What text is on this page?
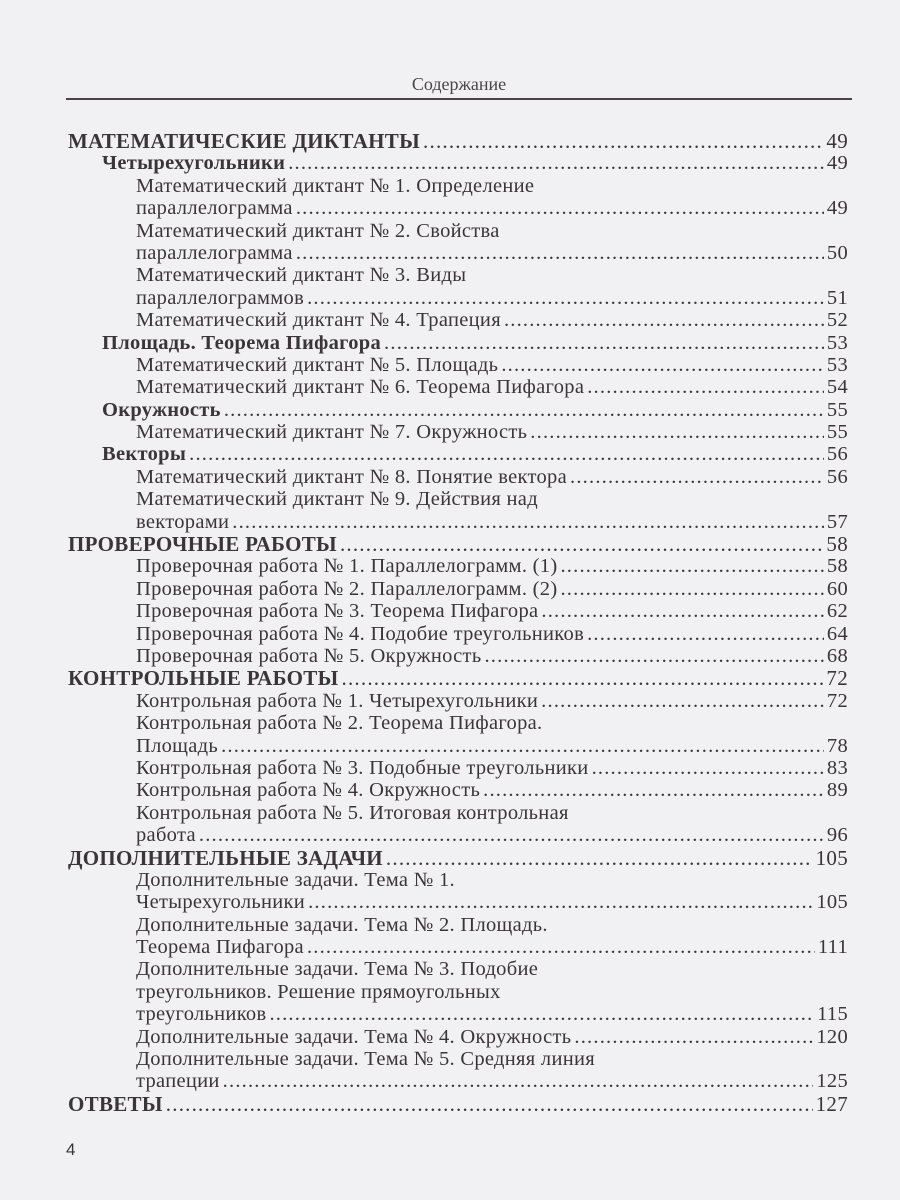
Содержание
МАТЕМАТИЧЕСКИЕ ДИКТАНТЫ .....	49
Четырехугольники .....	49
Математический диктант № 1. Определение
параллелограмма .....	49
Математический диктант № 2. Свойства
параллелограмма .....	50
Математический диктант № 3. Виды
параллелограммов .....	51
Математический диктант № 4. Трапеция .....	52
Площадь. Теорема Пифагора .....	53
Математический диктант № 5. Площадь .....	53
Математический диктант № 6. Теорема Пифагора .....	54
Окружность .....	55
Математический диктант № 7. Окружность .....	55
Векторы .....	56
Математический диктант № 8. Понятие вектора .....	56
Математический диктант № 9. Действия над
векторами .....	57
ПРОВЕРОЧНЫЕ РАБОТЫ .....	58
Проверочная работа № 1. Параллелограмм. (1) .....	58
Проверочная работа № 2. Параллелограмм. (2) .....	60
Проверочная работа № 3. Теорема Пифагора .....	62
Проверочная работа № 4. Подобие треугольников .....	64
Проверочная работа № 5. Окружность .....	68
КОНТРОЛЬНЫЕ РАБОТЫ .....	72
Контрольная работа № 1. Четырехугольники .....	72
Контрольная работа № 2. Теорема Пифагора.
Площадь .....	78
Контрольная работа № 3. Подобные треугольники .....	83
Контрольная работа № 4. Окружность .....	89
Контрольная работа № 5. Итоговая контрольная
работа .....	96
ДОПОЛНИТЕЛЬНЫЕ ЗАДАЧИ .....	105
Дополнительные задачи. Тема № 1.
Четырехугольники .....	105
Дополнительные задачи. Тема № 2. Площадь.
Теорема Пифагора .....	111
Дополнительные задачи. Тема № 3. Подобие
треугольников. Решение прямоугольных
треугольников .....	115
Дополнительные задачи. Тема № 4. Окружность .....	120
Дополнительные задачи. Тема № 5. Средняя линия
трапеции .....	125
ОТВЕТЫ .....	127
4
